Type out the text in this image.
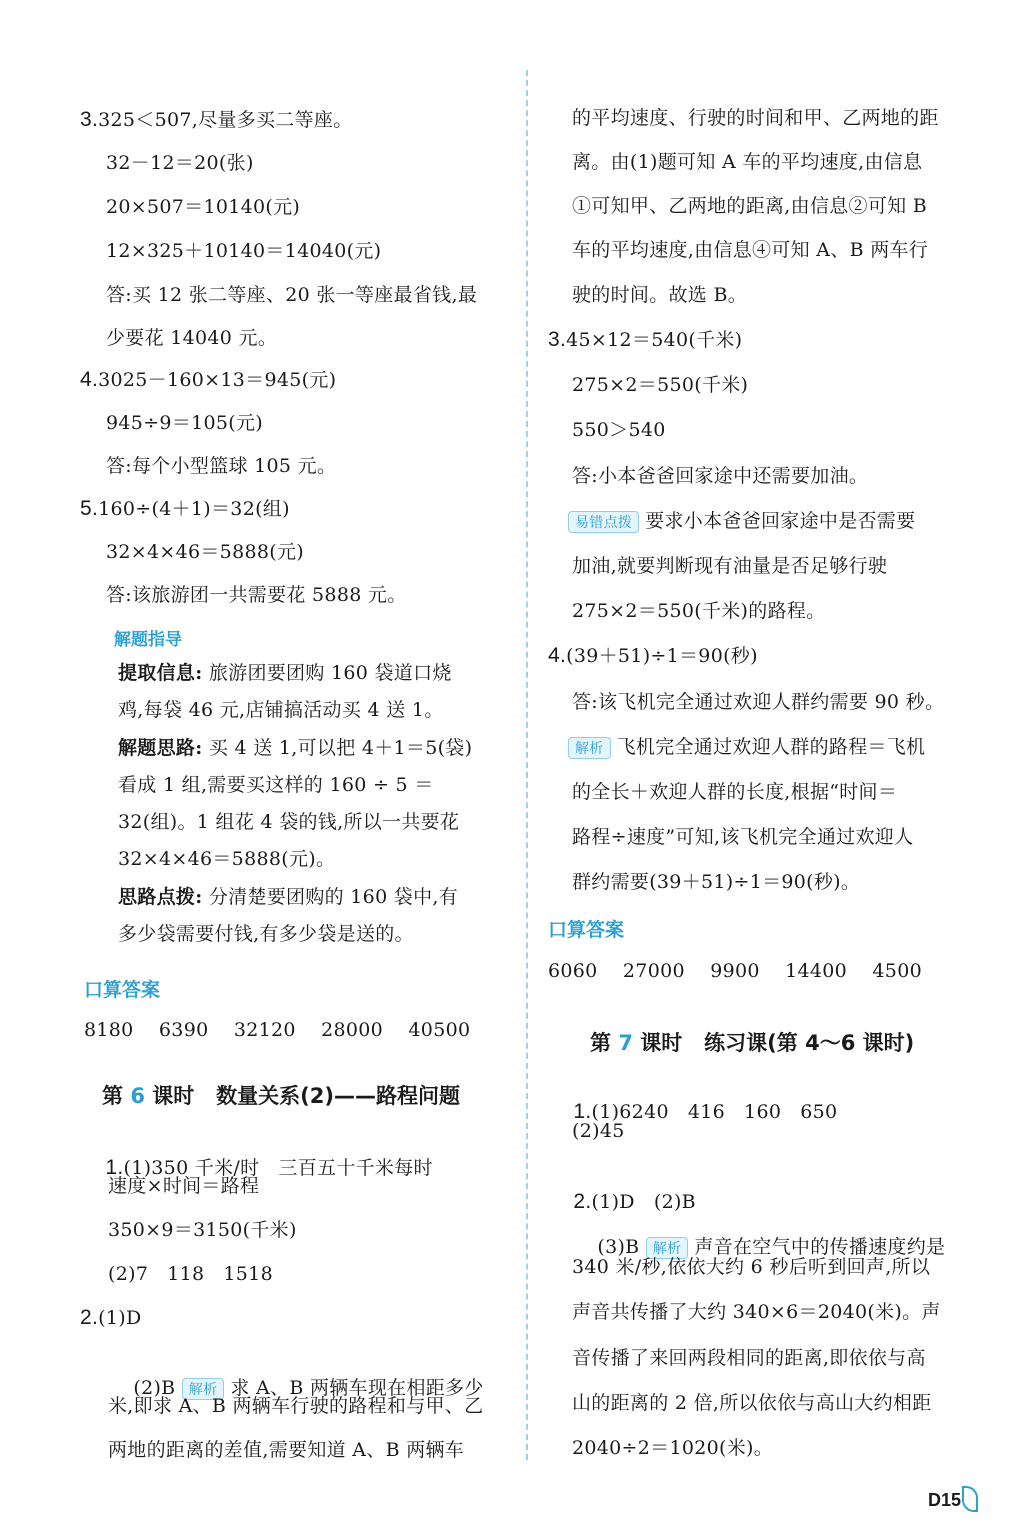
3.325＜507,尽量多买二等座。
32－12＝20(张)
20×507＝10140(元)
12×325＋10140＝14040(元)
答:买 12 张二等座、20 张一等座最省钱,最
少要花 14040 元。
4.3025－160×13＝945(元)
945÷9＝105(元)
答:每个小型篮球 105 元。
5.160÷(4＋1)＝32(组)
32×4×46＝5888(元)
答:该旅游团一共需要花 5888 元。
解题指导
提取信息: 旅游团要团购 160 袋道口烧
鸡,每袋 46 元,店铺搞活动买 4 送 1。
解题思路: 买 4 送 1,可以把 4＋1＝5(袋)
看成 1 组,需要买这样的 160 ÷ 5 ＝
32(组)。1 组花 4 袋的钱,所以一共要花
32×4×46＝5888(元)。
思路点拨: 分清楚要团购的 160 袋中,有
多少袋需要付钱,有多少袋是送的。
口算答案
8180    6390    32120    28000    40500
第 6 课时   数量关系(2)——路程问题

1.(1)350 千米/时   三百五十千米每时

速度×时间＝路程
350×9＝3150(千米)
(2)7   118   1518
2.(1)D

(2)B 解析 求 A、B 两辆车现在相距多少

米,即求 A、B 两辆车行驶的路程和与甲、乙
两地的距离的差值,需要知道 A、B 两辆车
的平均速度、行驶的时间和甲、乙两地的距
离。由(1)题可知 A 车的平均速度,由信息
①可知甲、乙两地的距离,由信息②可知 B
车的平均速度,由信息④可知 A、B 两车行
驶的时间。故选 B。
3.45×12＝540(千米)
275×2＝550(千米)
550＞540
答:小本爸爸回家途中还需要加油。
易错点拨 要求小本爸爸回家途中是否需要
加油,就要判断现有油量是否足够行驶
275×2＝550(千米)的路程。
4.(39＋51)÷1＝90(秒)
答:该飞机完全通过欢迎人群约需要 90 秒。
解析 飞机完全通过欢迎人群的路程＝飞机
的全长＋欢迎人群的长度,根据“时间＝
路程÷速度”可知,该飞机完全通过欢迎人
群约需要(39＋51)÷1＝90(秒)。
口算答案
6060    27000    9900    14400    4500
第 7 课时   练习课(第 4～6 课时)

1.(1)6240   416   160   650

(2)45

2.(1)D   (2)B

(3)B 解析 声音在空气中的传播速度约是

340 米/秒,依依大约 6 秒后听到回声,所以
声音共传播了大约 340×6＝2040(米)。声
音传播了来回两段相同的距离,即依依与高
山的距离的 2 倍,所以依依与高山大约相距
2040÷2＝1020(米)。
D15
